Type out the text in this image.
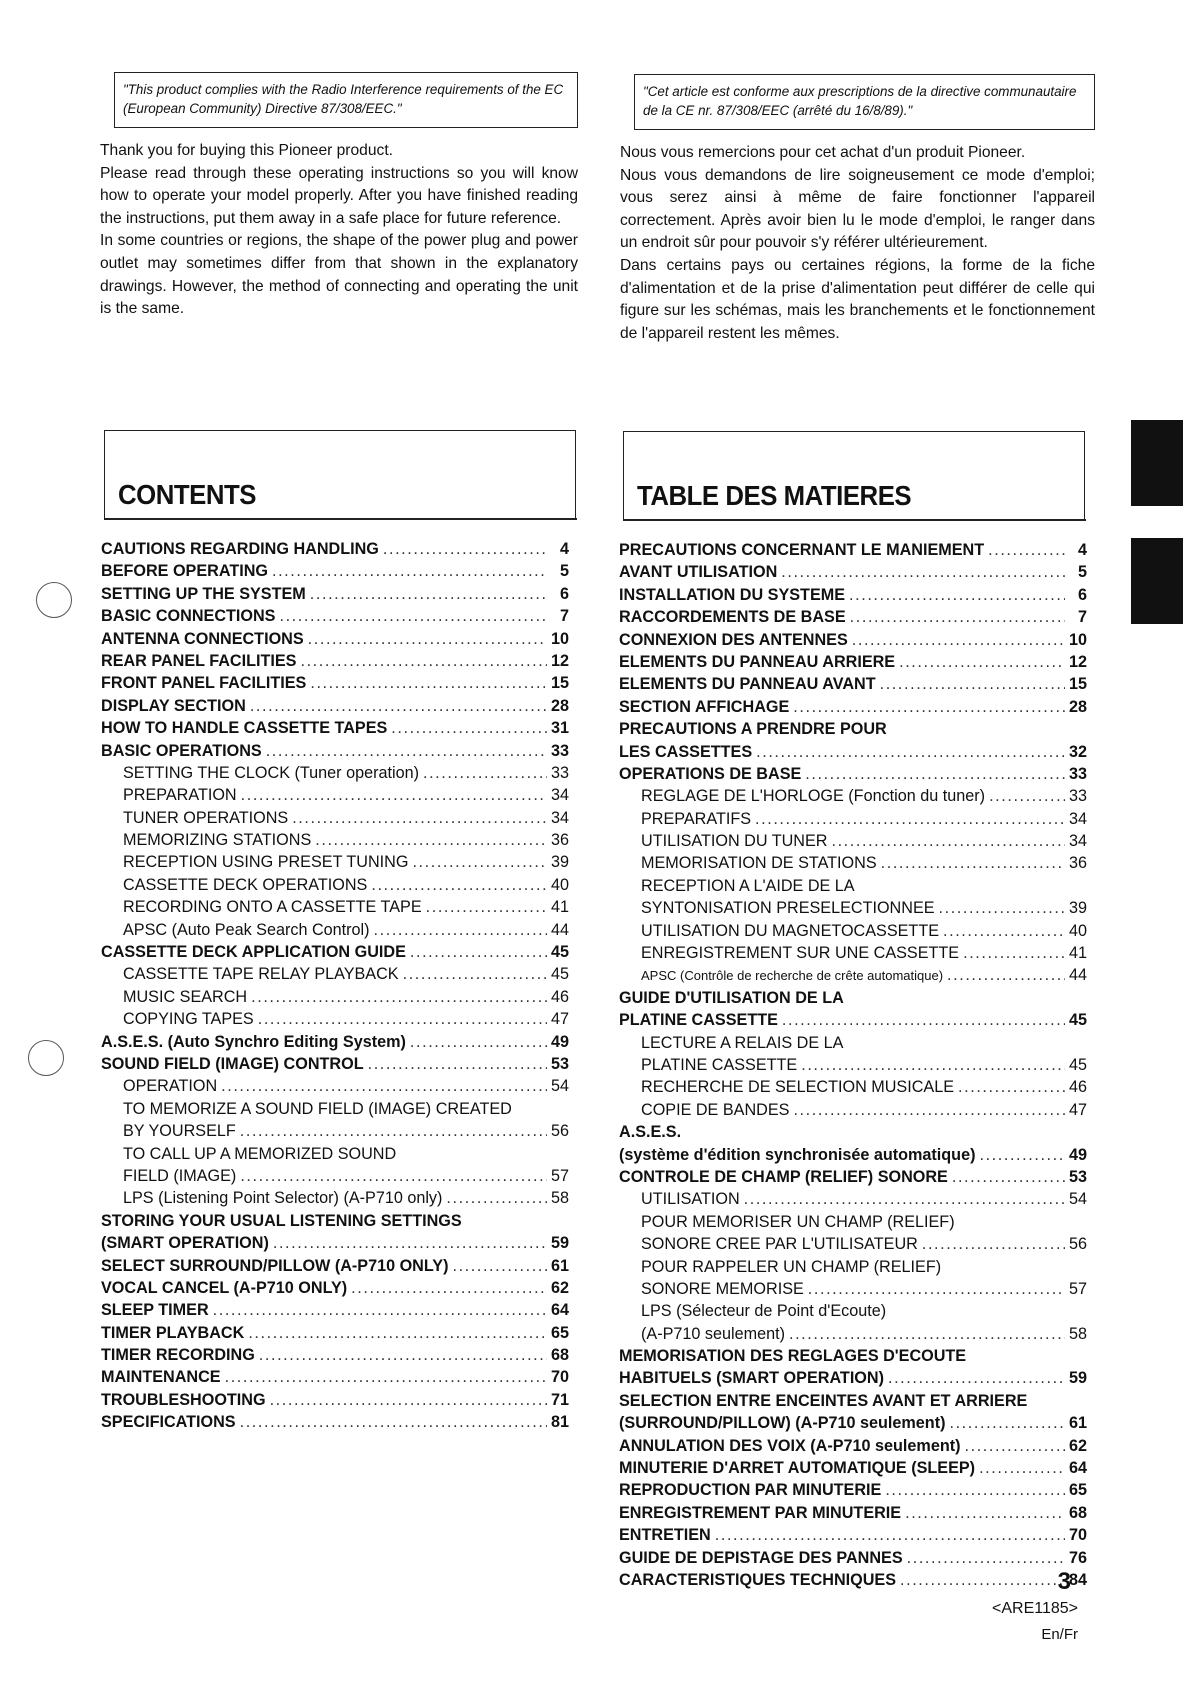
"This product complies with the Radio Interference requirements of the EC (European Community) Directive 87/308/EEC."

Thank you for buying this Pioneer product.

Please read through these operating instructions so you will know how to operate your model properly. After you have finished reading the instructions, put them away in a safe place for future reference.

In some countries or regions, the shape of the power plug and power outlet may sometimes differ from that shown in the explanatory drawings. However, the method of connecting and operating the unit is the same.

"Cet article est conforme aux prescriptions de la directive communautaire de la CE nr. 87/308/EEC (arrêté du 16/8/89)."

Nous vous remercions pour cet achat d'un produit Pioneer.

Nous vous demandons de lire soigneusement ce mode d'emploi; vous serez ainsi à même de faire fonctionner l'appareil correctement. Après avoir bien lu le mode d'emploi, le ranger dans un endroit sûr pour pouvoir s'y référer ultérieurement.

Dans certains pays ou certaines régions, la forme de la fiche d'alimentation et de la prise d'alimentation peut différer de celle qui figure sur les schémas, mais les branchements et le fonctionnement de l'appareil restent les mêmes.

CONTENTS	TABLE DES MATIERES
CAUTIONS REGARDING HANDLING .....	4
BEFORE OPERATING .....	5
SETTING UP THE SYSTEM .....	6
BASIC CONNECTIONS .....	7
ANTENNA CONNECTIONS .....	10
REAR PANEL FACILITIES .....	12
FRONT PANEL FACILITIES .....	15
DISPLAY SECTION .....	28
HOW TO HANDLE CASSETTE TAPES .....	31
BASIC OPERATIONS .....	33
SETTING THE CLOCK (Tuner operation) .....	33
PREPARATION .....	34
TUNER OPERATIONS .....	34
MEMORIZING STATIONS .....	36
RECEPTION USING PRESET TUNING .....	39
CASSETTE DECK OPERATIONS .....	40
RECORDING ONTO A CASSETTE TAPE .....	41
APSC (Auto Peak Search Control) .....	44
CASSETTE DECK APPLICATION GUIDE .....	45
CASSETTE TAPE RELAY PLAYBACK .....	45
MUSIC SEARCH .....	46
COPYING TAPES .....	47
A.S.E.S. (Auto Synchro Editing System) .....	49
SOUND FIELD (IMAGE) CONTROL .....	53
OPERATION .....	54
TO MEMORIZE A SOUND FIELD (IMAGE) CREATED
BY YOURSELF .....	56
TO CALL UP A MEMORIZED SOUND
FIELD (IMAGE) .....	57
LPS (Listening Point Selector) (A-P710 only) .....	58
STORING YOUR USUAL LISTENING SETTINGS
(SMART OPERATION) .....	59
SELECT SURROUND/PILLOW (A-P710 ONLY) .....	61
VOCAL CANCEL (A-P710 ONLY) .....	62
SLEEP TIMER .....	64
TIMER PLAYBACK .....	65
TIMER RECORDING .....	68
MAINTENANCE .....	70
TROUBLESHOOTING .....	71
SPECIFICATIONS .....	81
PRECAUTIONS CONCERNANT LE MANIEMENT .....	4
AVANT UTILISATION .....	5
INSTALLATION DU SYSTEME .....	6
RACCORDEMENTS DE BASE .....	7
CONNEXION DES ANTENNES .....	10
ELEMENTS DU PANNEAU ARRIERE .....	12
ELEMENTS DU PANNEAU AVANT .....	15
SECTION AFFICHAGE .....	28
PRECAUTIONS A PRENDRE POUR
LES CASSETTES .....	32
OPERATIONS DE BASE .....	33
REGLAGE DE L'HORLOGE (Fonction du tuner) .....	33
PREPARATIFS .....	34
UTILISATION DU TUNER .....	34
MEMORISATION DE STATIONS .....	36
RECEPTION A L'AIDE DE LA
SYNTONISATION PRESELECTIONNEE .....	39
UTILISATION DU MAGNETOCASSETTE .....	40
ENREGISTREMENT SUR UNE CASSETTE .....	41
APSC (Contrôle de recherche de crête automatique) .....	44
GUIDE D'UTILISATION DE LA
PLATINE CASSETTE .....	45
LECTURE A RELAIS DE LA
PLATINE CASSETTE .....	45
RECHERCHE DE SELECTION MUSICALE .....	46
COPIE DE BANDES .....	47
A.S.E.S.
(système d'édition synchronisée automatique) .....	49
CONTROLE DE CHAMP (RELIEF) SONORE .....	53
UTILISATION .....	54
POUR MEMORISER UN CHAMP (RELIEF)
SONORE CREE PAR L'UTILISATEUR .....	56
POUR RAPPELER UN CHAMP (RELIEF)
SONORE MEMORISE .....	57
LPS (Sélecteur de Point d'Ecoute)
(A-P710 seulement) .....	58
MEMORISATION DES REGLAGES D'ECOUTE
HABITUELS (SMART OPERATION) .....	59
SELECTION ENTRE ENCEINTES AVANT ET ARRIERE
(SURROUND/PILLOW) (A-P710 seulement) .....	61
ANNULATION DES VOIX (A-P710 seulement) .....	62
MINUTERIE D'ARRET AUTOMATIQUE (SLEEP) .....	64
REPRODUCTION PAR MINUTERIE .....	65
ENREGISTREMENT PAR MINUTERIE .....	68
ENTRETIEN .....	70
GUIDE DE DEPISTAGE DES PANNES .....	76
CARACTERISTIQUES TECHNIQUES .....	84
3
<ARE1185>
En/Fr
